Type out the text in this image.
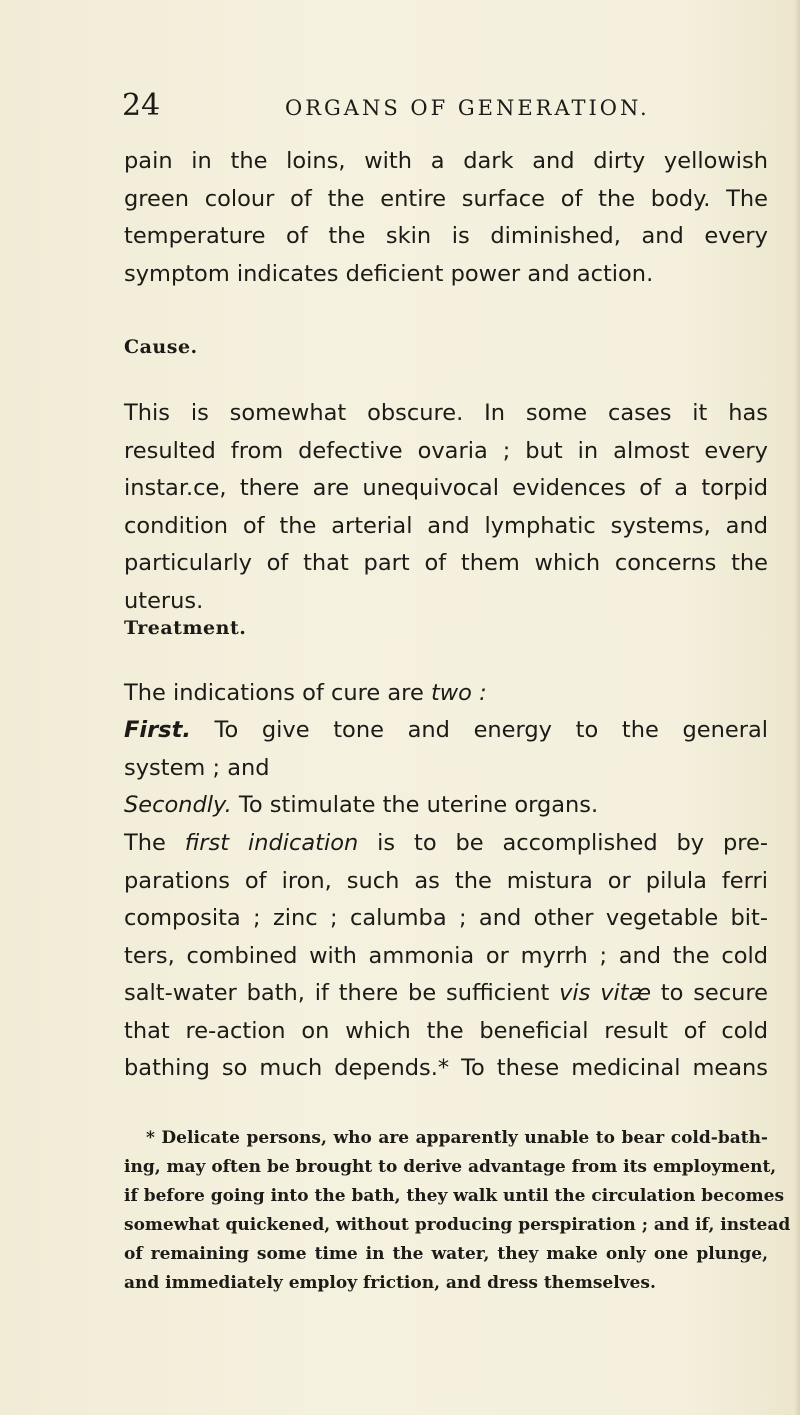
24	ORGANS OF GENERATION.
pain in the loins, with a dark and dirty yellowish
green colour of the entire surface of the body. The
temperature of the skin is diminished, and every
symptom indicates deficient power and action.
Cause.
This is somewhat obscure. In some cases it has
resulted from defective ovaria ; but in almost every
instar.ce, there are unequivocal evidences of a torpid
condition of the arterial and lymphatic systems, and
particularly of that part of them which concerns the
uterus.
Treatment.
The indications of cure are two :
First. To give tone and energy to the general
system ; and
Secondly. To stimulate the uterine organs.
The first indication is to be accomplished by pre-
parations of iron, such as the mistura or pilula ferri
composita ; zinc ; calumba ; and other vegetable bit-
ters, combined with ammonia or myrrh ; and the cold
salt-water bath, if there be sufficient vis vitæ to secure
that re-action on which the beneficial result of cold
bathing so much depends.* To these medicinal means
* Delicate persons, who are apparently unable to bear cold-bath-
ing, may often be brought to derive advantage from its employment,
if before going into the bath, they walk until the circulation becomes
somewhat quickened, without producing perspiration ; and if, instead
of remaining some time in the water, they make only one plunge,
and immediately employ friction, and dress themselves.
